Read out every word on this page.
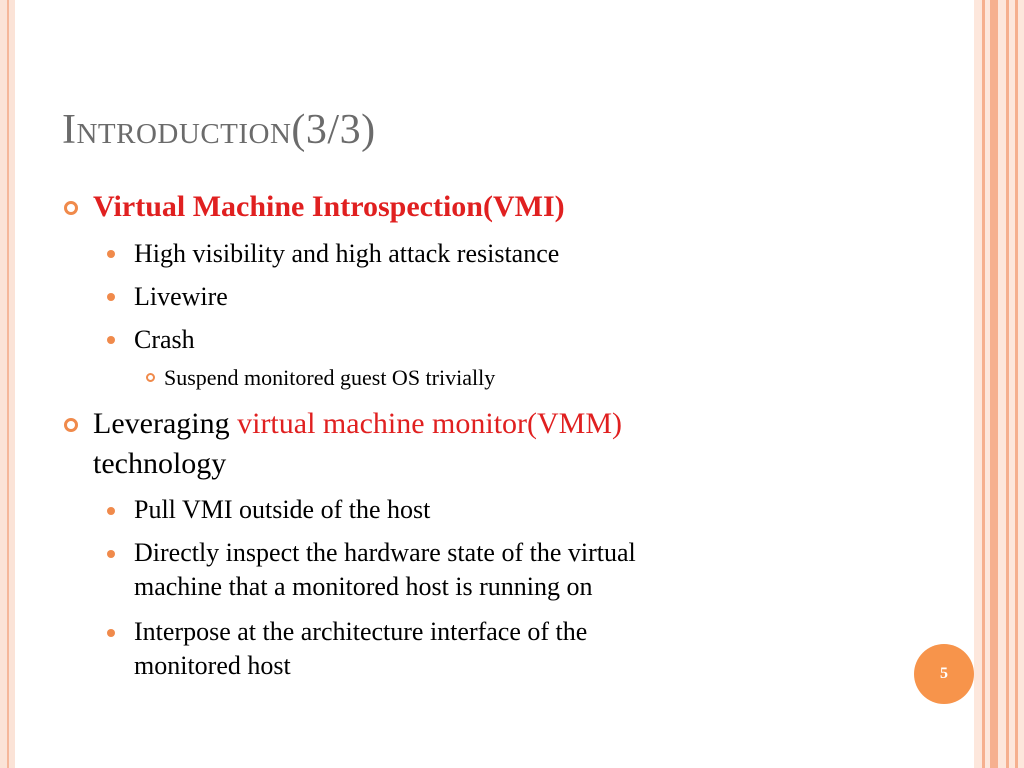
Introduction(3/3)
Virtual Machine Introspection(VMI)
High visibility and high attack resistance
Livewire
Crash
Suspend monitored guest OS trivially
Leveraging virtual machine monitor(VMM)
technology
Pull VMI outside of the host
Directly inspect the hardware state of the virtual
machine that a monitored host is running on
Interpose at the architecture interface of the
monitored host	5
